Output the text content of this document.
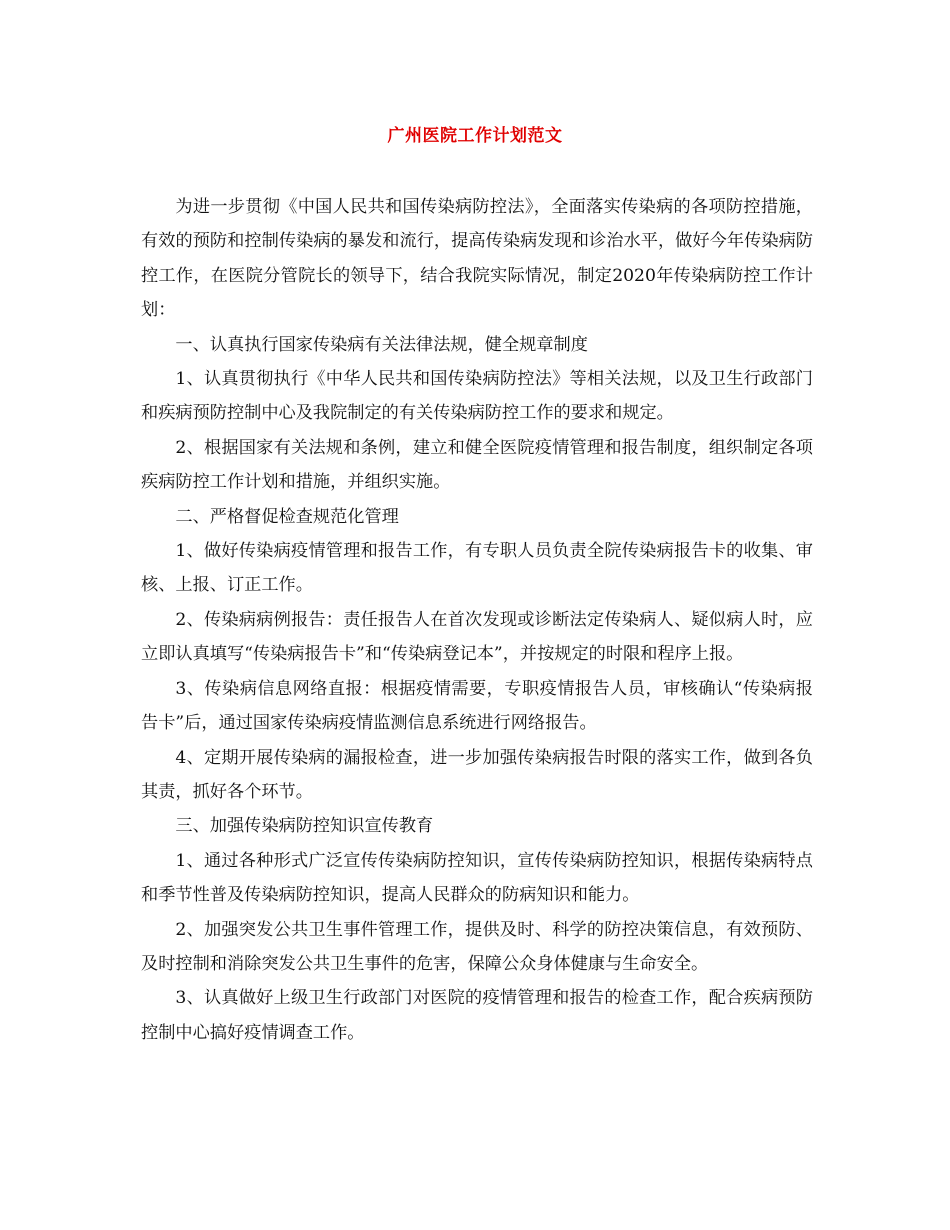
广州医院工作计划范文

为进一步贯彻《中国人民共和国传染病防控法》，全面落实传染病的各项防控措施，有效的预防和控制传染病的暴发和流行，提高传染病发现和诊治水平，做好今年传染病防控工作，在医院分管院长的领导下，结合我院实际情况，制定2020年传染病防控工作计划：

一、认真执行国家传染病有关法律法规，健全规章制度

1、认真贯彻执行《中华人民共和国传染病防控法》等相关法规，以及卫生行政部门和疾病预防控制中心及我院制定的有关传染病防控工作的要求和规定。

2、根据国家有关法规和条例，建立和健全医院疫情管理和报告制度，组织制定各项疾病防控工作计划和措施，并组织实施。

二、严格督促检查规范化管理

1、做好传染病疫情管理和报告工作，有专职人员负责全院传染病报告卡的收集、审核、上报、订正工作。

2、传染病病例报告：责任报告人在首次发现或诊断法定传染病人、疑似病人时，应立即认真填写“传染病报告卡”和“传染病登记本”，并按规定的时限和程序上报。

3、传染病信息网络直报：根据疫情需要，专职疫情报告人员，审核确认“传染病报告卡”后，通过国家传染病疫情监测信息系统进行网络报告。

4、定期开展传染病的漏报检查，进一步加强传染病报告时限的落实工作，做到各负其责，抓好各个环节。

三、加强传染病防控知识宣传教育

1、通过各种形式广泛宣传传染病防控知识，宣传传染病防控知识，根据传染病特点和季节性普及传染病防控知识，提高人民群众的防病知识和能力。

2、加强突发公共卫生事件管理工作，提供及时、科学的防控决策信息，有效预防、及时控制和消除突发公共卫生事件的危害，保障公众身体健康与生命安全。

3、认真做好上级卫生行政部门对医院的疫情管理和报告的检查工作，配合疾病预防控制中心搞好疫情调查工作。
